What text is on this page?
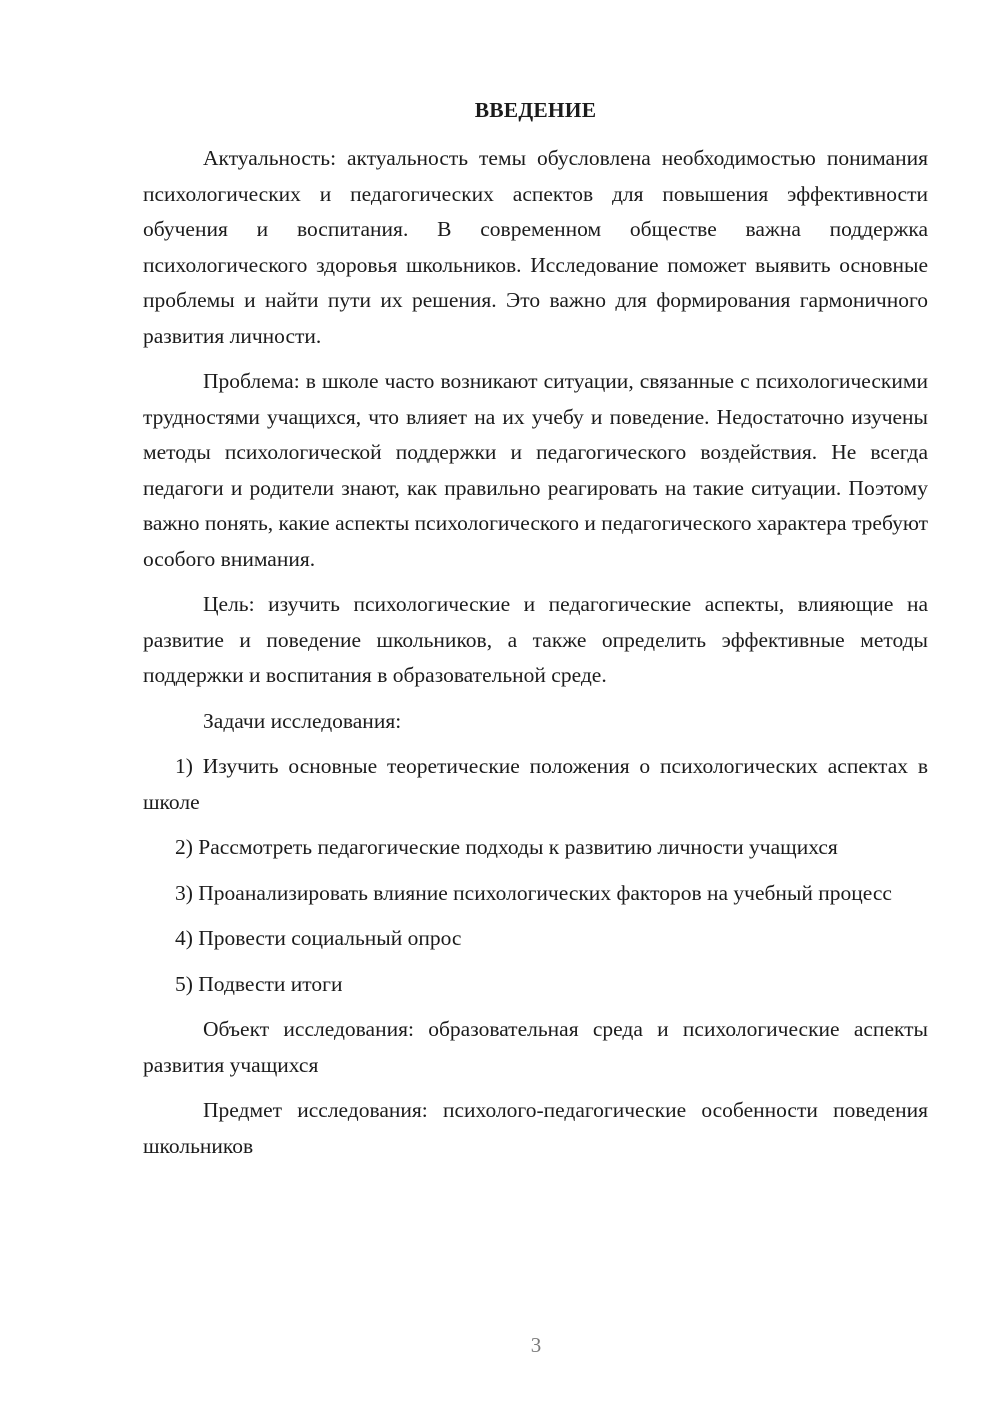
ВВЕДЕНИЕ

Актуальность: актуальность темы обусловлена необходимостью понимания психологических и педагогических аспектов для повышения эффективности обучения и воспитания. В современном обществе важна поддержка психологического здоровья школьников. Исследование поможет выявить основные проблемы и найти пути их решения. Это важно для формирования гармоничного развития личности.

Проблема: в школе часто возникают ситуации, связанные с психологическими трудностями учащихся, что влияет на их учебу и поведение. Недостаточно изучены методы психологической поддержки и педагогического воздействия. Не всегда педагоги и родители знают, как правильно реагировать на такие ситуации. Поэтому важно понять, какие аспекты психологического и педагогического характера требуют особого внимания.

Цель: изучить психологические и педагогические аспекты, влияющие на развитие и поведение школьников, а также определить эффективные методы поддержки и воспитания в образовательной среде.

Задачи исследования:

1) Изучить основные теоретические положения о психологических аспектах в школе

2) Рассмотреть педагогические подходы к развитию личности учащихся

3) Проанализировать влияние психологических факторов на учебный процесс

4) Провести социальный опрос

5) Подвести итоги

Объект исследования: образовательная среда и психологические аспекты развития учащихся

Предмет исследования: психолого-педагогические особенности поведения школьников

3
